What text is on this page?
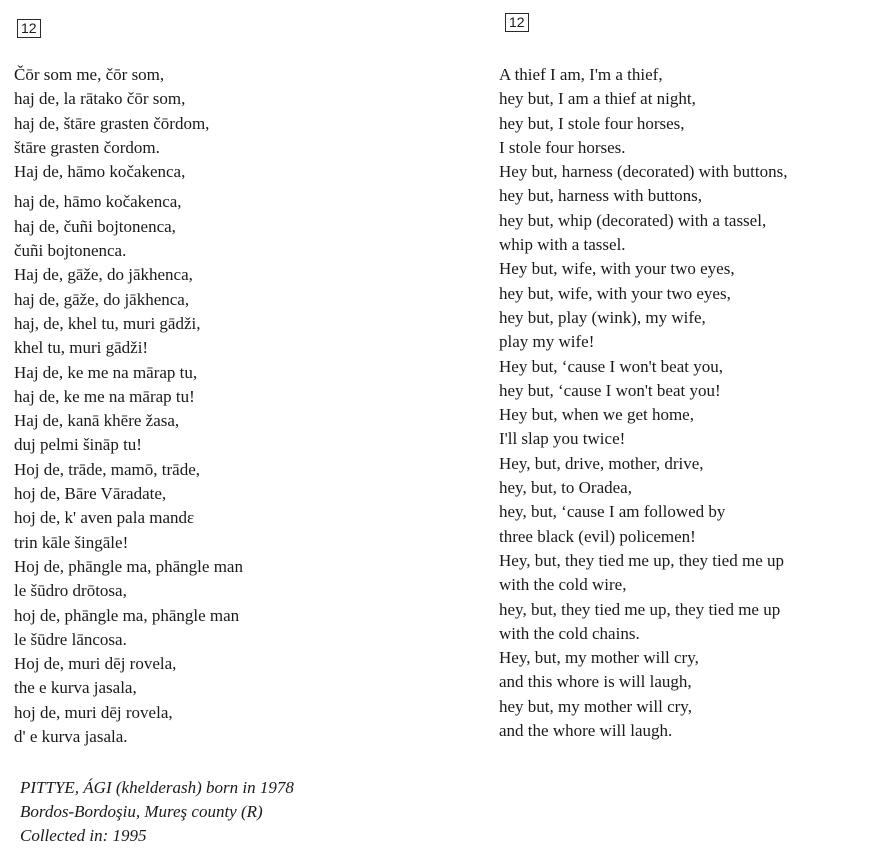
12	12
Čōr som me, čōr som,
haj de, la rātako čōr som,
haj de, štāre grasten čōrdom,
štāre grasten čordom.
Haj de, hāmo kočakenca,
haj de, hāmo kočakenca,
haj de, čuñi bojtonenca,
čuñi bojtonenca.
Haj de, gāže, do jākhenca,
haj de, gāže, do jākhenca,
haj, de, khel tu, muri gādži,
khel tu, muri gādži!
Haj de, ke me na mārap tu,
haj de, ke me na mārap tu!
Haj de, kanā khēre žasa,
duj pelmi šināp tu!
Hoj de, trāde, mamō, trāde,
hoj de, Bāre Vāradate,
hoj de, k' aven pala mandε
trin kāle šingāle!
Hoj de, phāngle ma, phāngle man
le šūdro drōtosa,
hoj de, phāngle ma, phāngle man
le šūdre lāncosa.
Hoj de, muri dēj rovela,
the e kurva jasala,
hoj de, muri dēj rovela,
d' e kurva jasala.
A thief I am, I'm a thief,
hey but, I am a thief at night,
hey but, I stole four horses,
I stole four horses.
Hey but, harness (decorated) with buttons,
hey but, harness with buttons,
hey but, whip (decorated) with a tassel,
whip with a tassel.
Hey but, wife, with your two eyes,
hey but, wife, with your two eyes,
hey but, play (wink), my wife,
play my wife!
Hey but, ‘cause I won't beat you,
hey but, ‘cause I won't beat you!
Hey but, when we get home,
I'll slap you twice!
Hey, but, drive, mother, drive,
hey, but, to Oradea,
hey, but, ‘cause I am followed by
three black (evil) policemen!
Hey, but, they tied me up, they tied me up
with the cold wire,
hey, but, they tied me up, they tied me up
with the cold chains.
Hey, but, my mother will cry,
and this whore is will laugh,
hey but, my mother will cry,
and the whore will laugh.
PITTYE, ÁGI (khelderash) born in 1978
Bordos-Bordoşiu, Mureş county (R)
Collected in: 1995
